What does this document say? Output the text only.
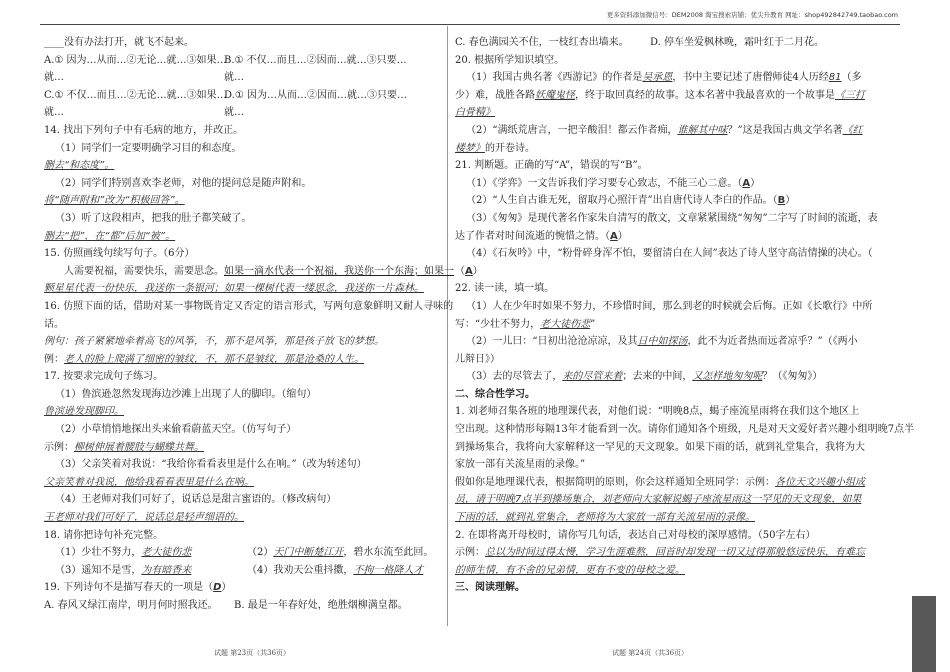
更多资料添加微信号：DEM2008 淘宝搜索店铺：优尖升教育 网址：shop492842749.taobao.com
____没有办法打开，就飞不起来。
A.① 因为…从而…②无论…就…③如果…B.① 不仅…而且…②因而…就…③只要…
就…	就…
C.① 不仅…而且…②无论…就…③如果…D.① 因为…从而…②因而…就…③只要…
就…	就…
14. 找出下列句子中有毛病的地方，并改正。
（1）同学们一定要明确学习目的和态度。
删去“和态度”。
（2）同学们特别喜欢李老师，对他的提问总是随声附和。
将“随声附和”改为“积极回答”。
（3）听了这段相声，把我的肚子都笑破了。
删去“把”，在“都”后加“被”。
15. 仿照画线句续写句子。（6分）
人需要祝福，需要快乐，需要思念。如果一滴水代表一个祝福，我送你一个东海；如果一
颗星星代表一份快乐，我送你一条银河；如果一棵树代表一缕思念，我送你一片森林。
16. 仿照下面的话，借助对某一事物既肯定又否定的语言形式，写两句意象鲜明又耐人寻味的
话。
例句：孩子紧紧地牵着高飞的风筝，不，那不是风筝，那是孩子放飞的梦想。
例：老人的脸上爬满了细密的皱纹，不，那不是皱纹，那是沧桑的人生。
17. 按要求完成句子练习。
（1）鲁滨逊忽然发现海边沙滩上出现了人的脚印。（缩句）
鲁滨逊发现脚印。
（2）小草悄悄地探出头来偷看蔚蓝天空。（仿写句子）
示例：柳树伸展着腰肢与蝴蝶共舞。
（3）父亲笑着对我说：“我给你看看表里是什么在响。”（改为转述句）
父亲笑着对我说，他给我看看表里是什么在响。
（4）王老师对我们可好了，说话总是甜言蜜语的。（修改病句）
王老师对我们可好了，说话总是轻声细语的。
18. 请你把诗句补充完整。
（1）少壮不努力，老大徒伤悲	（2）天门中断楚江开，碧水东流至此回。
（3）遥知不是雪，为有暗香来	（4）我劝天公重抖擞，不拘一格降人才
19. 下列诗句不是描写春天的一项是（D）
A. 春风又绿江南岸，明月何时照我还。 B. 最是一年春好处，绝胜烟柳满皇都。
C. 春色满园关不住，一枝红杏出墙来。 D. 停车坐爱枫林晚，霜叶红于二月花。
20. 根据所学知识填空。
（1）我国古典名著《西游记》的作者是吴承恩，书中主要记述了唐僧师徒4人历经81（多
少）难，战胜各路妖魔鬼怪，终于取回真经的故事。这本名著中我最喜欢的一个故事是《三打
白骨精》
（2）“满纸荒唐言，一把辛酸泪！都云作者痴，谁解其中味？”这是我国古典文学名著《红
楼梦》的开卷诗。
21. 判断题。正确的写“A”，错误的写“B”。
（1）《学弈》一文告诉我们学习要专心致志，不能三心二意。（A）
（2）“人生自古谁无死，留取丹心照汗青”出自唐代诗人李白的作品。（B）
（3）《匆匆》是现代著名作家朱自清写的散文，文章紧紧围绕“匆匆”二字写了时间的流逝，表
达了作者对时间流逝的惋惜之情。（A）
（4）《石灰吟》中，“粉骨碎身浑不怕，要留清白在人间”表达了诗人坚守高洁情操的决心。（
（A）
22. 读一读，填一填。
（1）人在少年时如果不努力，不珍惜时间，那么到老的时候就会后悔。正如《长歌行》中所
写：“少壮不努力，老大徒伤悲”
（2）一儿曰：“日初出沧沧凉凉，及其日中如探汤，此不为近者热而远者凉乎？”（《两小
儿辩日》）
（3）去的尽管去了，来的尽管来着；去来的中间，又怎样地匆匆呢？（《匆匆》）
二、综合性学习。
1. 刘老师召集各班的地理课代表，对他们说：“明晚8点，蝎子座流星雨将在我们这个地区上
空出现。这种情形每隔13年才能看到一次。请你们通知各个班级，凡是对天文爱好者兴趣小组明晚7点半
到操场集合，我将向大家解释这一罕见的天文现象。如果下雨的话，就到礼堂集合，我将为大
家放一部有关流星雨的录像。”
假如你是地理课代表，根据简明的原则，你会这样通知全班同学：示例：各位天文兴趣小组成
员，请于明晚7点半到操场集合，刘老师向大家解说蝎子座流星雨这一罕见的天文现象，如果
下雨的话，就到礼堂集合，老师将为大家放一部有关流星雨的录像。
2. 在即将离开母校时，请你写几句话，表达自己对母校的深厚感情。（50字左右）
示例：总以为时间过得太慢，学习生涯难熬，回首时却发现一切又过得那般悠远快乐，有难忘
的师生情，有不舍的兄弟情，更有不变的母校之爱。
三、阅读理解。
试题 第23页（共36页）	试题 第24页（共36页）
